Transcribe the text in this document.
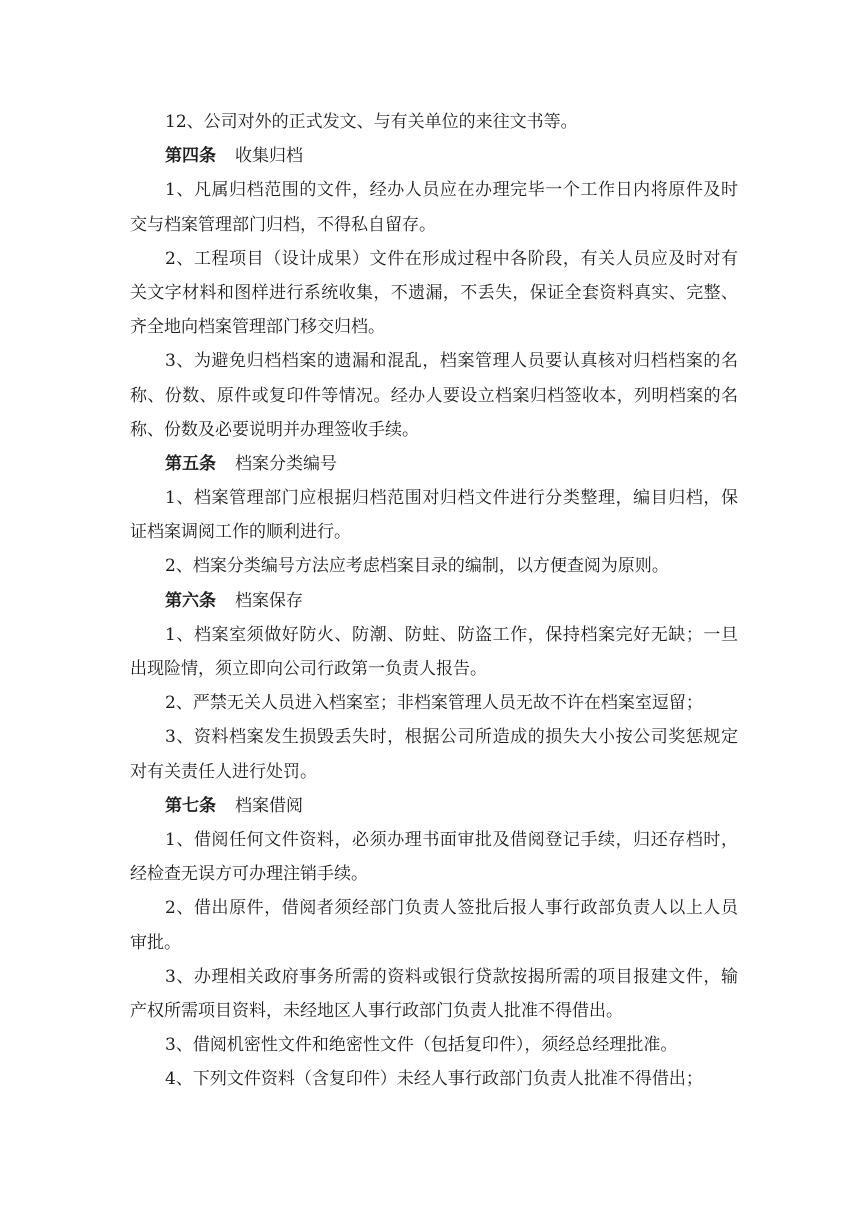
12、公司对外的正式发文、与有关单位的来往文书等。
第四条 收集归档
1、凡属归档范围的文件，经办人员应在办理完毕一个工作日内将原件及时
交与档案管理部门归档，不得私自留存。
2、工程项目（设计成果）文件在形成过程中各阶段，有关人员应及时对有
关文字材料和图样进行系统收集，不遗漏，不丢失，保证全套资料真实、完整、
齐全地向档案管理部门移交归档。
3、为避免归档档案的遗漏和混乱，档案管理人员要认真核对归档档案的名
称、份数、原件或复印件等情况。经办人要设立档案归档签收本，列明档案的名
称、份数及必要说明并办理签收手续。
第五条 档案分类编号
1、档案管理部门应根据归档范围对归档文件进行分类整理，编目归档，保
证档案调阅工作的顺利进行。
2、档案分类编号方法应考虑档案目录的编制，以方便查阅为原则。
第六条 档案保存
1、档案室须做好防火、防潮、防蛀、防盗工作，保持档案完好无缺；一旦
出现险情，须立即向公司行政第一负责人报告。
2、严禁无关人员进入档案室；非档案管理人员无故不许在档案室逗留；
3、资料档案发生损毁丢失时，根据公司所造成的损失大小按公司奖惩规定
对有关责任人进行处罚。
第七条 档案借阅
1、借阅任何文件资料，必须办理书面审批及借阅登记手续，归还存档时，
经检查无误方可办理注销手续。
2、借出原件，借阅者须经部门负责人签批后报人事行政部负责人以上人员
审批。
3、办理相关政府事务所需的资料或银行贷款按揭所需的项目报建文件，输
产权所需项目资料，未经地区人事行政部门负责人批准不得借出。
3、借阅机密性文件和绝密性文件（包括复印件），须经总经理批准。
4、下列文件资料（含复印件）未经人事行政部门负责人批准不得借出；
